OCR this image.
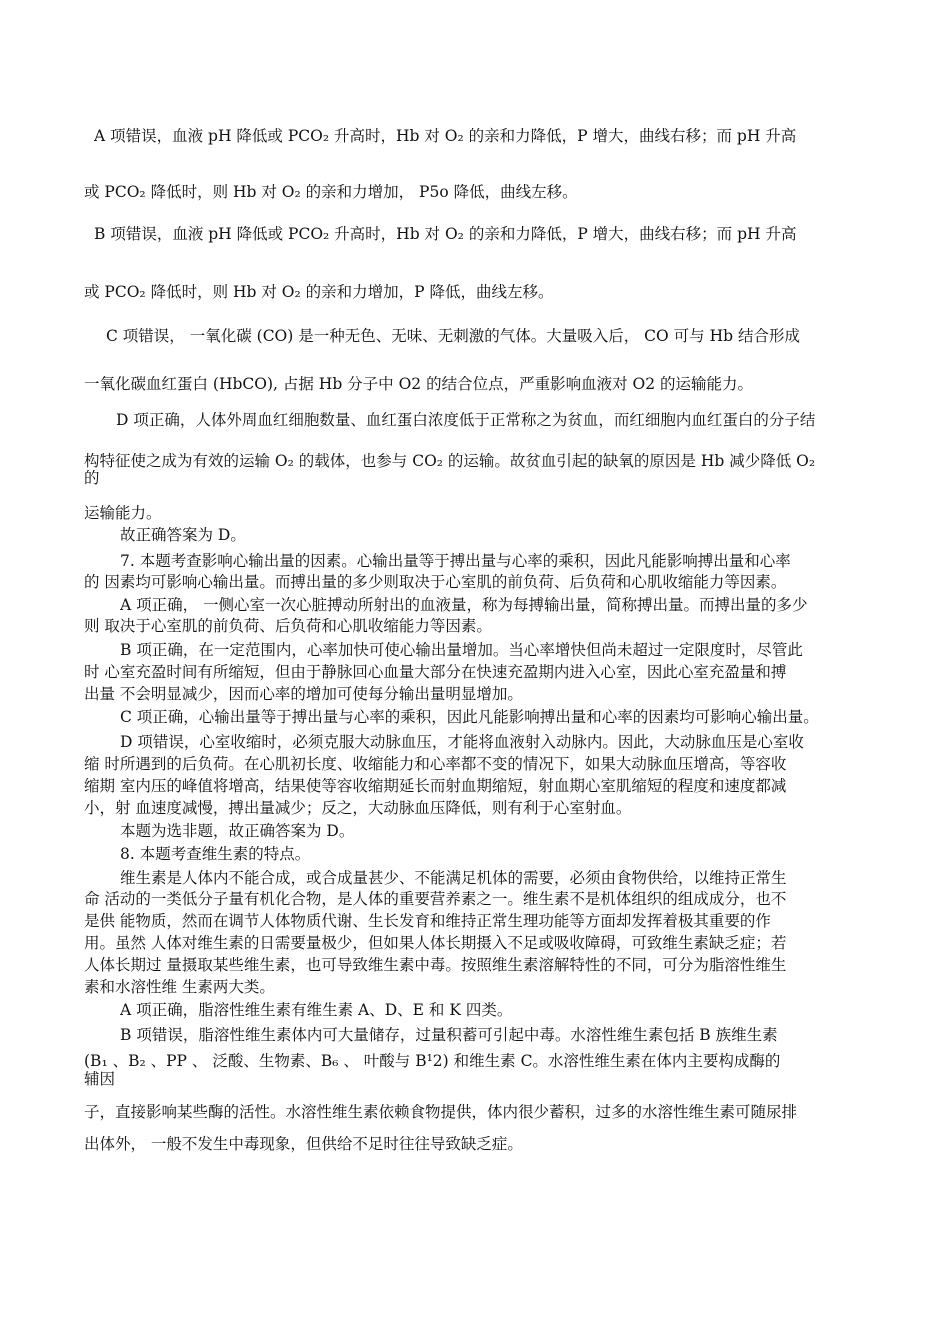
A 项错误，血液 pH 降低或 PCO₂ 升高时，Hb 对 O₂ 的亲和力降低，P 增大，曲线右移；而 pH 升高
或 PCO₂ 降低时，则 Hb 对 O₂ 的亲和力增加， P5o 降低，曲线左移。
B 项错误，血液 pH 降低或 PCO₂ 升高时，Hb 对 O₂ 的亲和力降低，P 增大，曲线右移；而 pH 升高
或 PCO₂ 降低时，则 Hb 对 O₂ 的亲和力增加，P 降低，曲线左移。
C 项错误， 一氧化碳 (CO) 是一种无色、无味、无刺激的气体。大量吸入后， CO 可与 Hb 结合形成
一氧化碳血红蛋白 (HbCO), 占据 Hb 分子中 O2 的结合位点，严重影响血液对 O2 的运输能力。
D 项正确，人体外周血红细胞数量、血红蛋白浓度低于正常称之为贫血，而红细胞内血红蛋白的分子结
构特征使之成为有效的运输 O₂ 的载体，也参与 CO₂ 的运输。故贫血引起的缺氧的原因是 Hb 减少降低 O₂
的
运输能力。
故正确答案为 D。
7. 本题考查影响心输出量的因素。心输出量等于搏出量与心率的乘积，因此凡能影响搏出量和心率
的 因素均可影响心输出量。而搏出量的多少则取决于心室肌的前负荷、后负荷和心肌收缩能力等因素。
A 项正确， 一侧心室一次心脏搏动所射出的血液量，称为每搏输出量，简称搏出量。而搏出量的多少
则 取决于心室肌的前负荷、后负荷和心肌收缩能力等因素。
B 项正确，在一定范围内，心率加快可使心输出量增加。当心率增快但尚未超过一定限度时，尽管此
时 心室充盈时间有所缩短，但由于静脉回心血量大部分在快速充盈期内进入心室，因此心室充盈量和搏
出量 不会明显减少，因而心率的增加可使每分输出量明显增加。
C 项正确，心输出量等于搏出量与心率的乘积，因此凡能影响搏出量和心率的因素均可影响心输出量。
D 项错误，心室收缩时，必须克服大动脉血压，才能将血液射入动脉内。因此，大动脉血压是心室收
缩 时所遇到的后负荷。在心肌初长度、收缩能力和心率都不变的情况下，如果大动脉血压增高，等容收
缩期 室内压的峰值将增高，结果使等容收缩期延长而射血期缩短，射血期心室肌缩短的程度和速度都减
小，射 血速度减慢，搏出量减少；反之，大动脉血压降低，则有利于心室射血。
本题为选非题，故正确答案为 D。
8. 本题考查维生素的特点。
维生素是人体内不能合成，或合成量甚少、不能满足机体的需要，必须由食物供给，以维持正常生
命 活动的一类低分子量有机化合物，是人体的重要营养素之一。维生素不是机体组织的组成成分，也不
是供 能物质，然而在调节人体物质代谢、生长发育和维持正常生理功能等方面却发挥着极其重要的作
用。虽然 人体对维生素的日需要量极少，但如果人体长期摄入不足或吸收障碍，可致维生素缺乏症；若
人体长期过 量摄取某些维生素，也可导致维生素中毒。按照维生素溶解特性的不同，可分为脂溶性维生
素和水溶性维 生素两大类。
A 项正确，脂溶性维生素有维生素 A、D、E 和 K 四类。
B 项错误，脂溶性维生素体内可大量储存，过量积蓄可引起中毒。水溶性维生素包括 B 族维生素
(B₁ 、B₂ 、PP 、 泛酸、生物素、B₆ 、 叶酸与 B¹2) 和维生素 C。水溶性维生素在体内主要构成酶的
辅因
子，直接影响某些酶的活性。水溶性维生素依赖食物提供，体内很少蓄积，过多的水溶性维生素可随尿排
出体外， 一般不发生中毒现象，但供给不足时往往导致缺乏症。
